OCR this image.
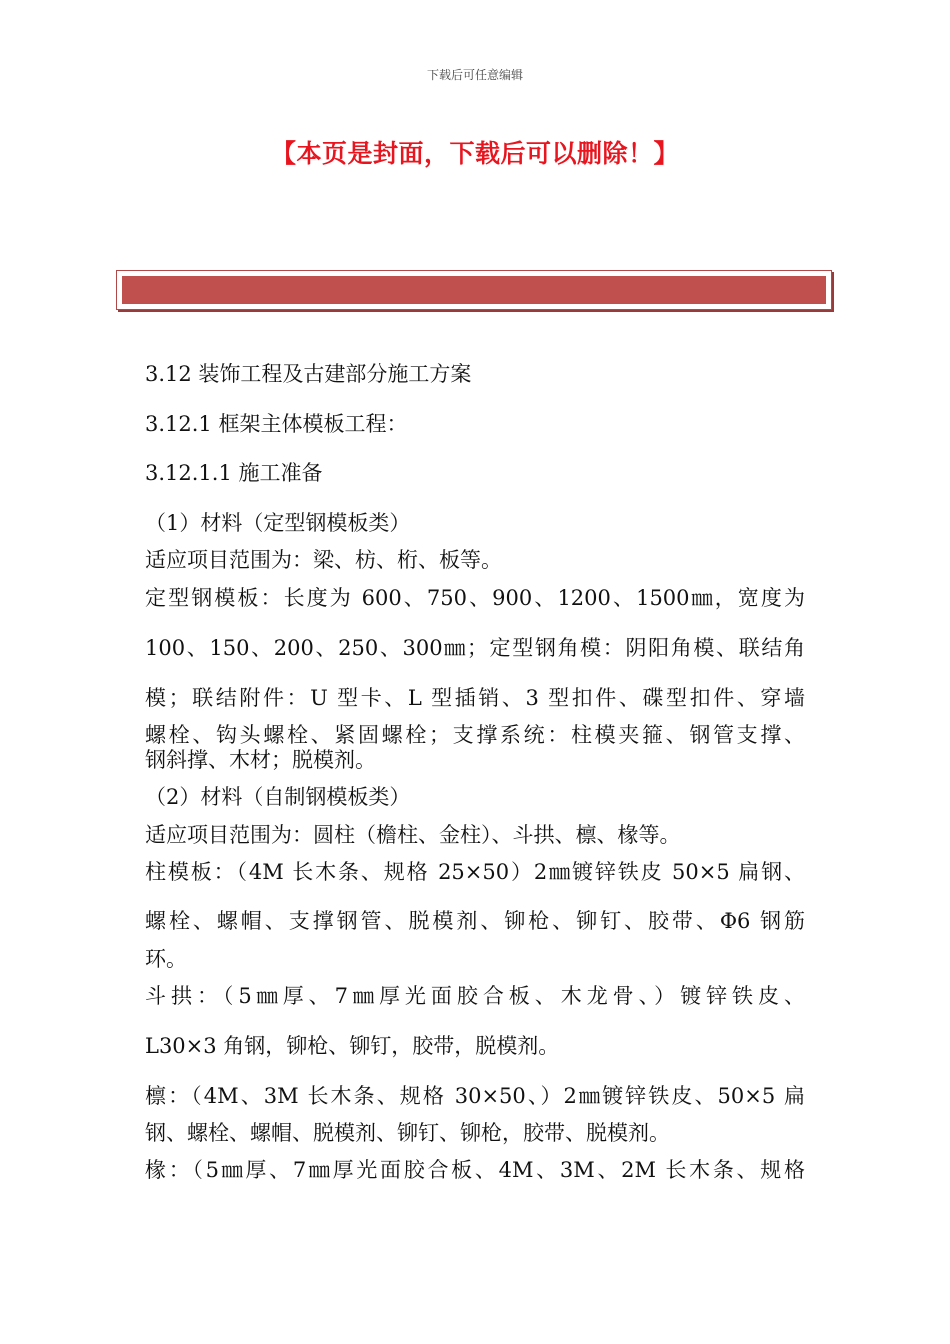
下载后可任意编辑
【本页是封面，下载后可以删除！】
3.12 装饰工程及古建部分施工方案
3.12.1 框架主体模板工程：
3.12.1.1 施工准备
（1）材料（定型钢模板类）
适应项目范围为：梁、枋、桁、板等。
定型钢模板：长度为 600、750、900、1200、1500㎜，宽度为
100、150、200、250、300㎜；定型钢角模：阴阳角模、联结角
模；联结附件：U 型卡、L 型插销、3 型扣件、碟型扣件、穿墙
螺栓、钩头螺栓、紧固螺栓；支撑系统：柱模夹箍、钢管支撑、
钢斜撑、木材；脱模剂。
（2）材料（自制钢模板类）
适应项目范围为：圆柱（檐柱、金柱）、斗拱、檩、椽等。
柱模板：（4M 长木条、规格 25×50）2㎜镀锌铁皮 50×5 扁钢、
螺栓、螺帽、支撑钢管、脱模剂、铆枪、铆钉、胶带、Φ6 钢筋
环。
斗拱：（5㎜厚、7㎜厚光面胶合板、木龙骨、）镀锌铁皮、
L30×3 角钢，铆枪、铆钉，胶带，脱模剂。
檩：（4M、3M 长木条、规格 30×50、）2㎜镀锌铁皮、50×5 扁
钢、螺栓、螺帽、脱模剂、铆钉、铆枪，胶带、脱模剂。
椽：（5㎜厚、7㎜厚光面胶合板、4M、3M、2M 长木条、规格
